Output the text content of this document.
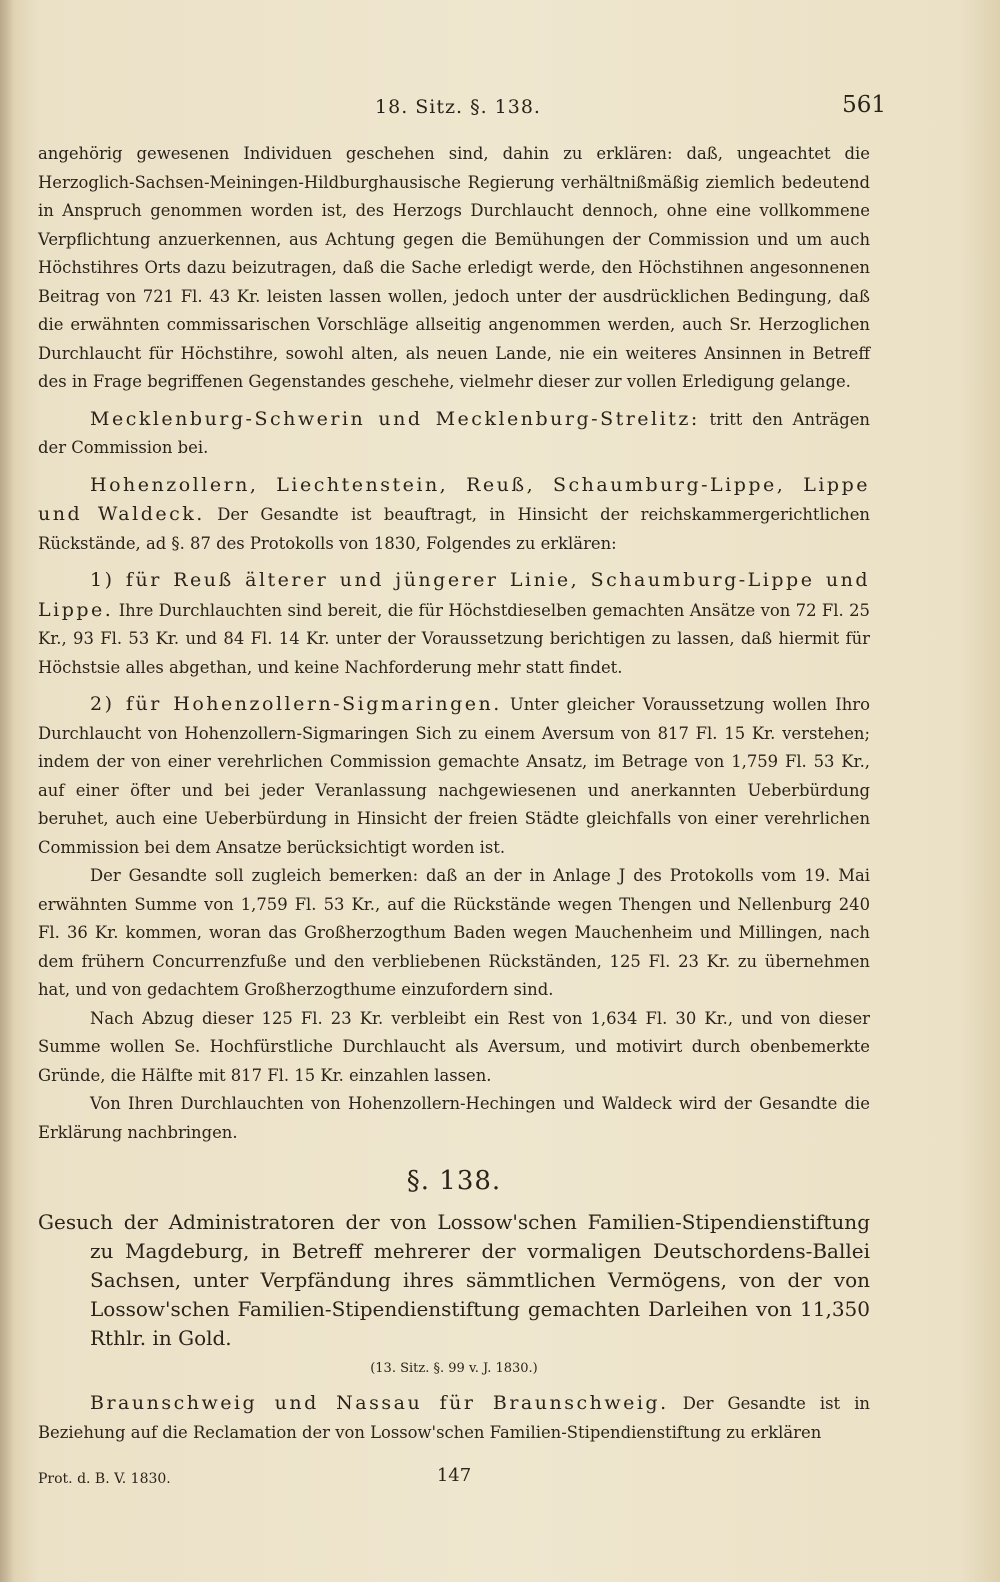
18. Sitz. §. 138.	561

angehörig gewesenen Individuen geschehen sind, dahin zu erklären: daß, ungeachtet die Herzoglich-Sachsen-Meiningen-Hildburghausische Regierung verhältnißmäßig ziemlich bedeutend in Anspruch genommen worden ist, des Herzogs Durchlaucht dennoch, ohne eine vollkommene Verpflichtung anzuerkennen, aus Achtung gegen die Bemühungen der Commission und um auch Höchstihres Orts dazu beizutragen, daß die Sache erledigt werde, den Höchstihnen angesonnenen Beitrag von 721 Fl. 43 Kr. leisten lassen wollen, jedoch unter der ausdrücklichen Bedingung, daß die erwähnten commissarischen Vorschläge allseitig angenommen werden, auch Sr. Herzoglichen Durchlaucht für Höchstihre, sowohl alten, als neuen Lande, nie ein weiteres Ansinnen in Betreff des in Frage begriffenen Gegenstandes geschehe, vielmehr dieser zur vollen Erledigung gelange.

Mecklenburg-Schwerin und Mecklenburg-Strelitz: tritt den Anträgen der Commission bei.

Hohenzollern, Liechtenstein, Reuß, Schaumburg-Lippe, Lippe und Waldeck. Der Gesandte ist beauftragt, in Hinsicht der reichskammergerichtlichen Rückstände, ad §. 87 des Protokolls von 1830, Folgendes zu erklären:

1) für Reuß älterer und jüngerer Linie, Schaumburg-Lippe und Lippe. Ihre Durchlauchten sind bereit, die für Höchstdieselben gemachten Ansätze von 72 Fl. 25 Kr., 93 Fl. 53 Kr. und 84 Fl. 14 Kr. unter der Voraussetzung berichtigen zu lassen, daß hiermit für Höchstsie alles abgethan, und keine Nachforderung mehr statt findet.

2) für Hohenzollern-Sigmaringen. Unter gleicher Voraussetzung wollen Ihro Durchlaucht von Hohenzollern-Sigmaringen Sich zu einem Aversum von 817 Fl. 15 Kr. verstehen; indem der von einer verehrlichen Commission gemachte Ansatz, im Betrage von 1,759 Fl. 53 Kr., auf einer öfter und bei jeder Veranlassung nachgewiesenen und anerkannten Ueberbürdung beruhet, auch eine Ueberbürdung in Hinsicht der freien Städte gleichfalls von einer verehrlichen Commission bei dem Ansatze berücksichtigt worden ist.

Der Gesandte soll zugleich bemerken: daß an der in Anlage J des Protokolls vom 19. Mai erwähnten Summe von 1,759 Fl. 53 Kr., auf die Rückstände wegen Thengen und Nellenburg 240 Fl. 36 Kr. kommen, woran das Großherzogthum Baden wegen Mauchenheim und Millingen, nach dem frühern Concurrenzfuße und den verbliebenen Rückständen, 125 Fl. 23 Kr. zu übernehmen hat, und von gedachtem Großherzogthume einzufordern sind.

Nach Abzug dieser 125 Fl. 23 Kr. verbleibt ein Rest von 1,634 Fl. 30 Kr., und von dieser Summe wollen Se. Hochfürstliche Durchlaucht als Aversum, und motivirt durch obenbemerkte Gründe, die Hälfte mit 817 Fl. 15 Kr. einzahlen lassen.

Von Ihren Durchlauchten von Hohenzollern-Hechingen und Waldeck wird der Gesandte die Erklärung nachbringen.

§. 138.

Gesuch der Administratoren der von Lossow'schen Familien-Stipendienstiftung zu Magdeburg, in Betreff mehrerer der vormaligen Deutschordens-Ballei Sachsen, unter Verpfändung ihres sämmtlichen Vermögens, von der von Lossow'schen Familien-Stipendienstiftung gemachten Darleihen von 11,350 Rthlr. in Gold.

(13. Sitz. §. 99 v. J. 1830.)

Braunschweig und Nassau für Braunschweig. Der Gesandte ist in Beziehung auf die Reclamation der von Lossow'schen Familien-Stipendienstiftung zu erklären

Prot. d. B. V. 1830.	147
